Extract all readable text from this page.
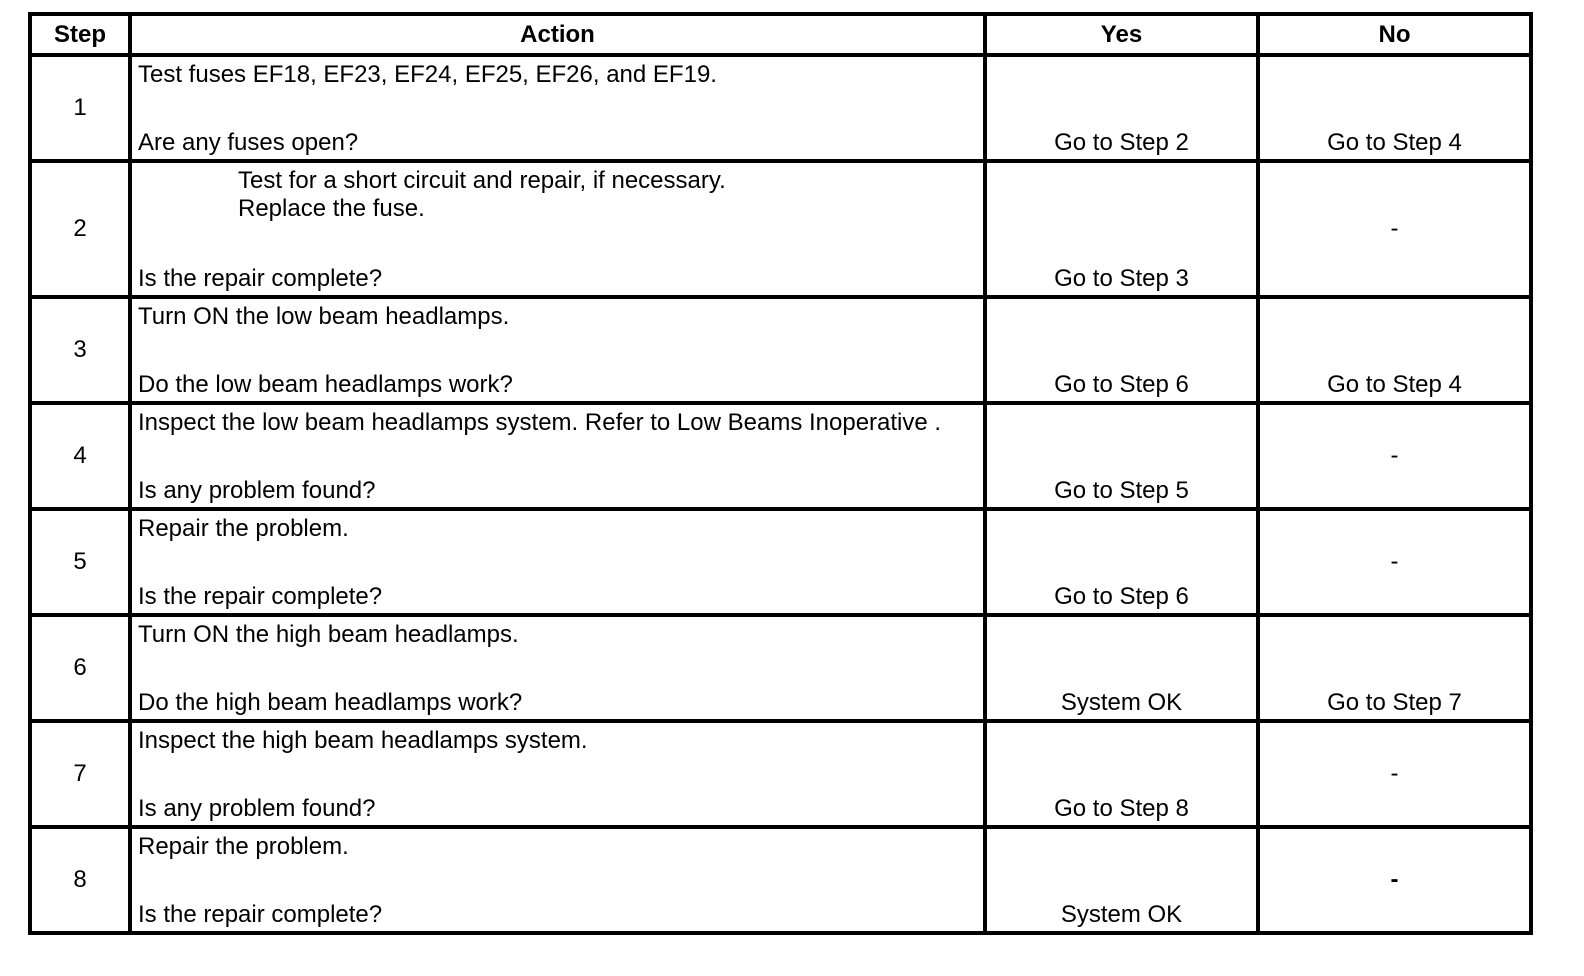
Step	Action	Yes	No
1	Test fuses EF18, EF23, EF24, EF25, EF26, and EF19.
Are any fuses open?	Go to Step 2	Go to Step 4
2	Test for a short circuit and repair, if necessary.
Replace the fuse.
Is the repair complete?	Go to Step 3	-
3	Turn ON the low beam headlamps.
Do the low beam headlamps work?	Go to Step 6	Go to Step 4
4	Inspect the low beam headlamps system. Refer to Low Beams Inoperative .
Is any problem found?	Go to Step 5	-
5	Repair the problem.
Is the repair complete?	Go to Step 6	-
6	Turn ON the high beam headlamps.
Do the high beam headlamps work?	System OK	Go to Step 7
7	Inspect the high beam headlamps system.
Is any problem found?	Go to Step 8	-
8	Repair the problem.
Is the repair complete?	System OK	-
